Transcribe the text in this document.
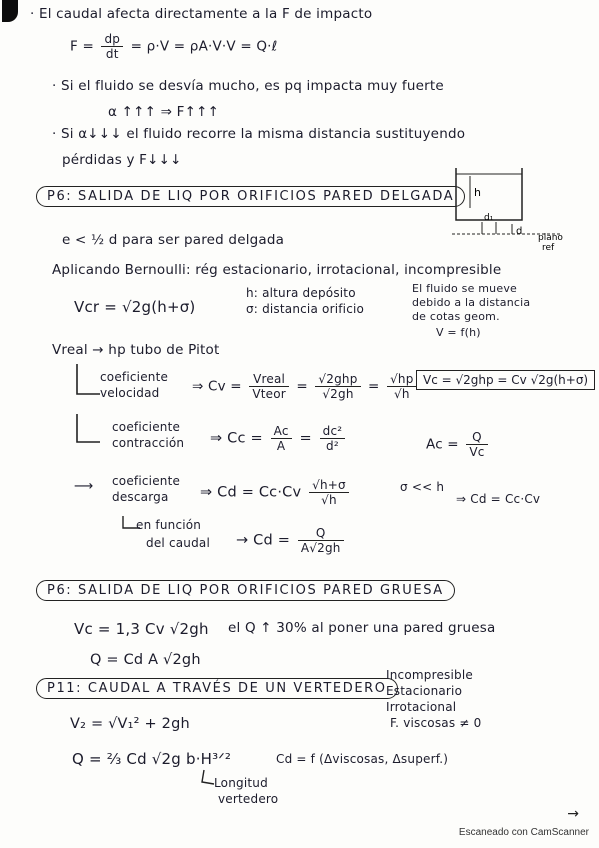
· El caudal afecta directamente a la F de impacto
$F = \frac{dp}{dt} = \rho\cdot V = \rho A\cdot V\cdot V$ = Q·ℓ
· Si el fluido se desvía mucho, es pq impacta muy fuerte
α ↑↑↑ ⇒ F↑↑↑
· Si α↓↓↓ el fluido recorre la misma distancia sustituyendo
pérdidas y F↓↓↓
P6: SALIDA DE LIQ POR ORIFICIOS PARED DELGADA	h
d₁
d
plano
ref
e < ½ d para ser pared delgada
Aplicando Bernoulli: rég estacionario, irrotacional, incompresible
Vcr = √2g(h+σ)
h: altura depósito
σ: distancia orificio
El fluido se mueve
debido a la distancia
de cotas geom.
V = f(h)
Vreal → hp tubo de Pitot
coeficiente
velocidad ⇒ $Cv = \frac{\text{Vreal}}{\text{Vteor}} = \frac{\text{√2ghp}}{√2gh} = \frac{√hp}{√h}$ Vc = √2ghp = Cv √2g(h+σ)
coeficiente
contracción ⇒ $Cc = \frac{Ac}{A} = \frac{\text{dc²}}{\text{d²}}$	$Ac = \frac{Q}{Vc}$
⟶ coeficiente
descarga ⇒ $Cd = Cc\cdot Cv \frac{√h+\sigma}{√h}$	σ << h
⇒ Cd = Cc·Cv
en función
del caudal → $Cd = \frac{Q}{A√2gh}$
P6: SALIDA DE LIQ POR ORIFICIOS PARED GRUESA
Vc = 1,3 Cv √2gh el Q ↑ 30% al poner una pared gruesa
Q = Cd A √2gh
P11: CAUDAL A TRAVÉS DE UN VERTEDERO
Incompresible
Estacionario
Irrotacional
F. viscosas ≠ 0
V₂ = √V₁² + 2gh
Q = ⅔ Cd √2g b·H³ᐟ²	Cd = f (Δviscosas, Δsuperf.)
Longitud
vertedero
→
Escaneado con CamScanner
